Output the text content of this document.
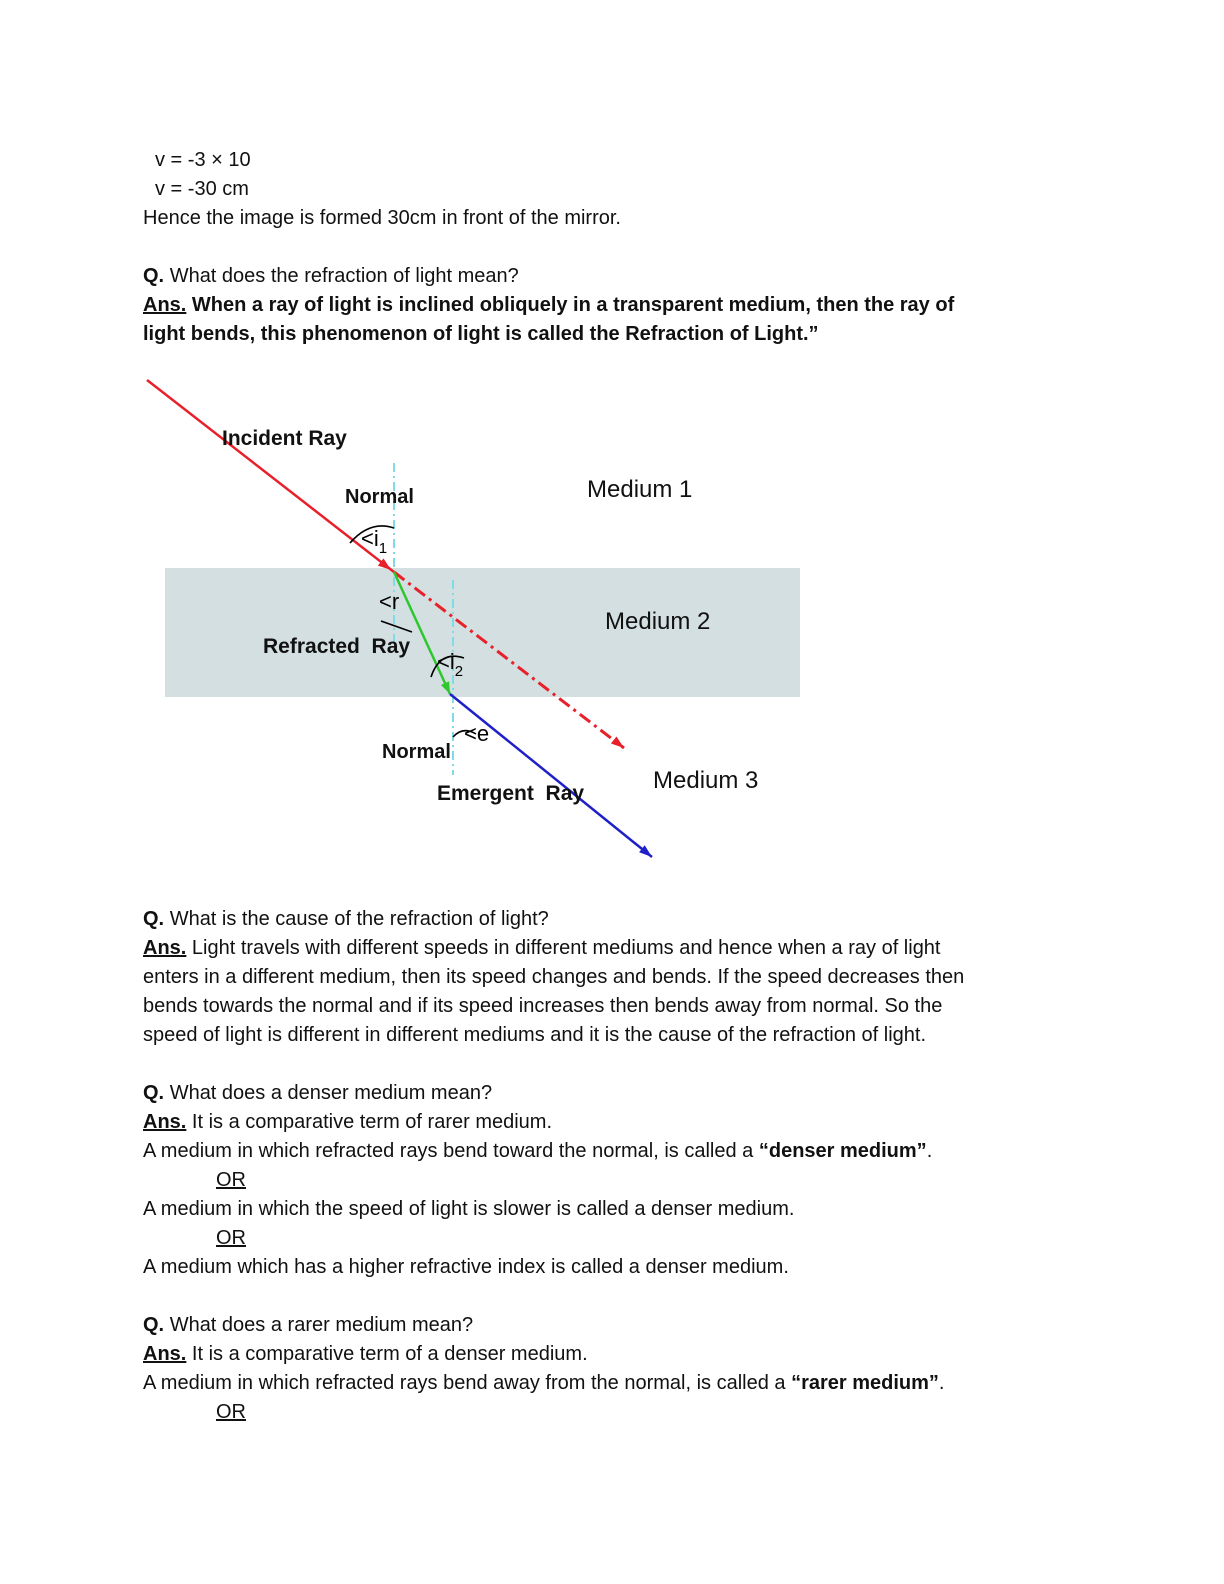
v = -3 × 10
v = -30 cm
Hence the image is formed 30cm in front of the mirror.
Q. What does the refraction of light mean?
Ans. When a ray of light is inclined obliquely in a transparent medium, then the ray of
light bends, this phenomenon of light is called the Refraction of Light.”
Incident Ray
Normal	Medium 1
$<i_1$
<r
Medium 2
Refracted  Ray
$<i_2$
<e
Normal
Medium 3
Emergent  Ray
Q. What is the cause of the refraction of light?
Ans. Light travels with different speeds in different mediums and hence when a ray of light
enters in a different medium, then its speed changes and bends. If the speed decreases then
bends towards the normal and if its speed increases then bends away from normal. So the
speed of light is different in different mediums and it is the cause of the refraction of light.
Q. What does a denser medium mean?
Ans. It is a comparative term of rarer medium.
A medium in which refracted rays bend toward the normal, is called a “denser medium”.
OR
A medium in which the speed of light is slower is called a denser medium.
OR
A medium which has a higher refractive index is called a denser medium.
Q. What does a rarer medium mean?
Ans. It is a comparative term of a denser medium.
A medium in which refracted rays bend away from the normal, is called a “rarer medium”.
OR
